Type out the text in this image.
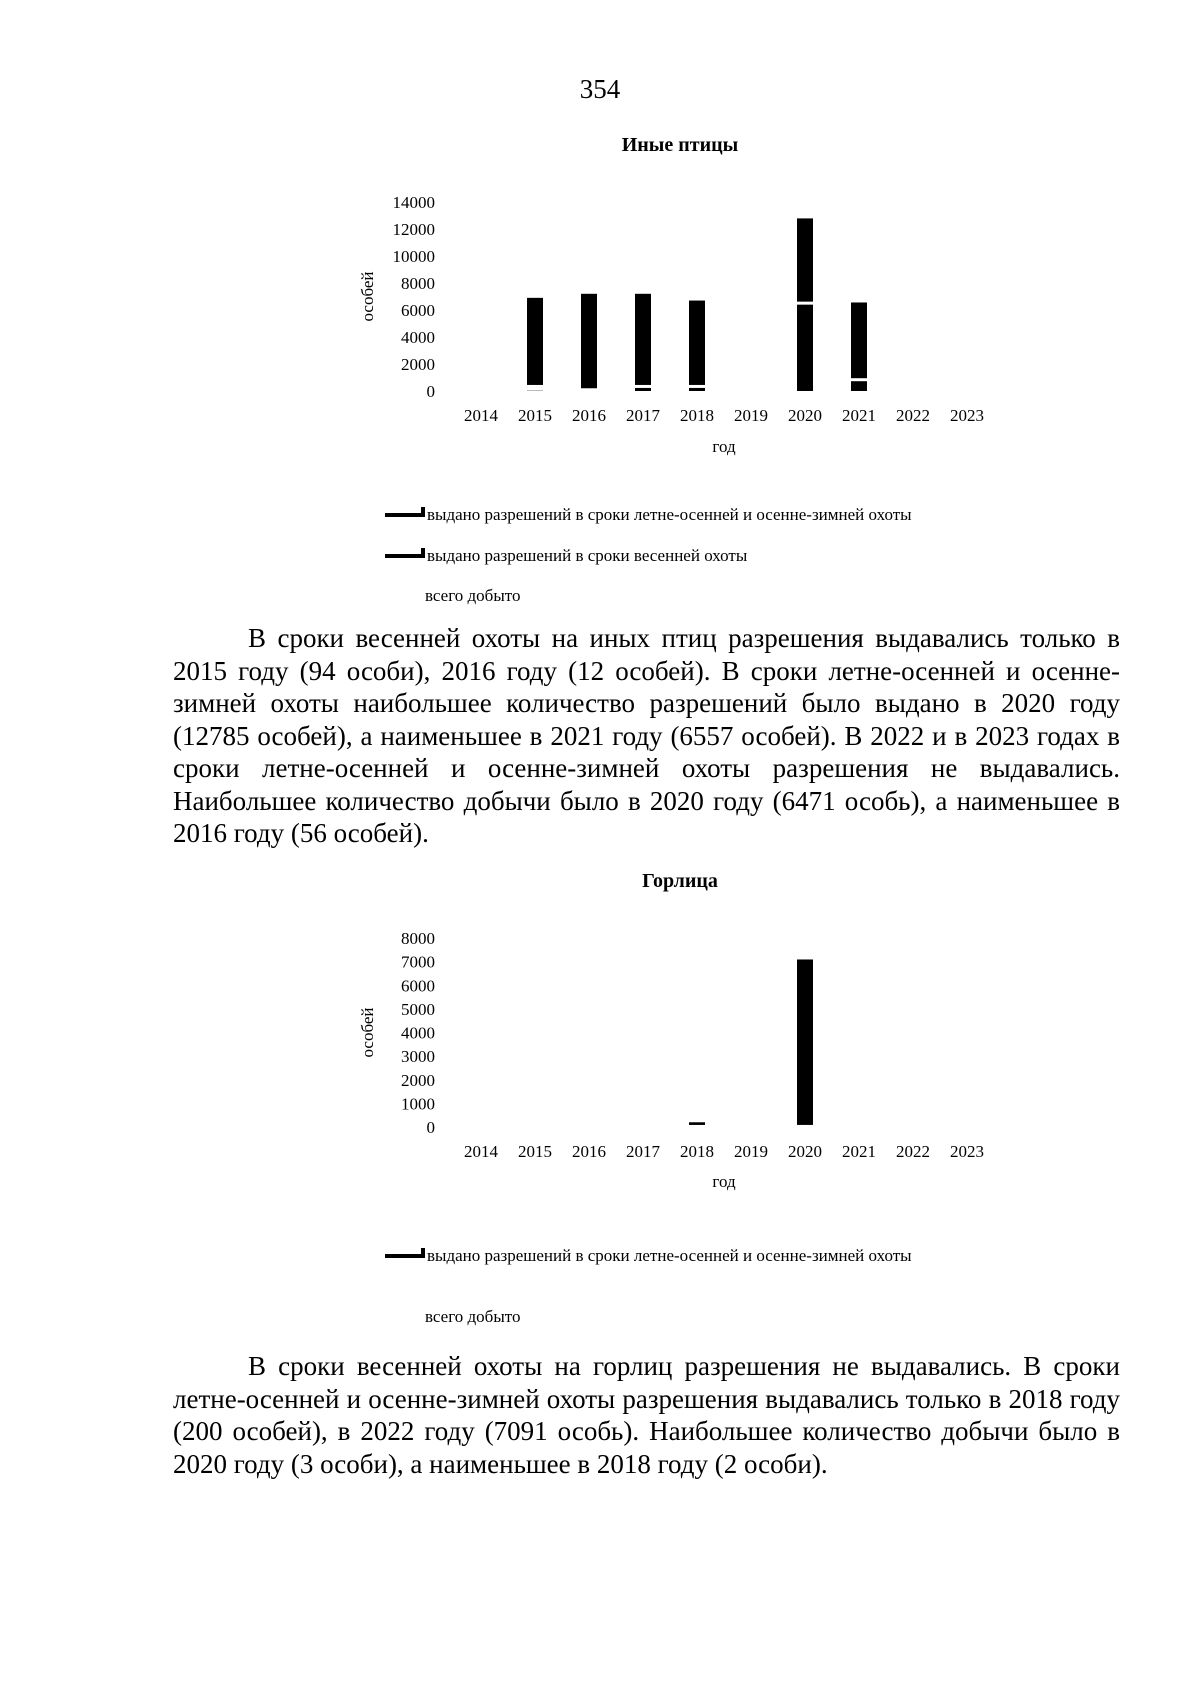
354
Иные птицы
0
2000
4000
6000
8000
10000
12000
14000
особей
2014 2015 2016 2017 2018 2019 2020 2021 2022 2023
год
выдано разрешений в сроки летне-осенней и осенне-зимней охоты
выдано разрешений в сроки весенней охоты
всего добыто

В сроки весенней охоты на иных птиц разрешения выдавались только в 2015 году (94 особи), 2016 году (12 особей). В сроки летне-осенней и осенне-зимней охоты наибольшее количество разрешений было выдано в 2020 году (12785 особей), а наименьшее в 2021 году (6557 особей). В 2022 и в 2023 годах в сроки летне-осенней и осенне-зимней охоты разрешения не выдавались. Наибольшее количество добычи было в 2020 году (6471 особь), а наименьшее в 2016 году (56 особей).

Горлица
0
1000
2000
3000
4000
5000
6000
7000
8000
особей
2014 2015 2016 2017 2018 2019 2020 2021 2022 2023
год
выдано разрешений в сроки летне-осенней и осенне-зимней охоты
всего добыто

В сроки весенней охоты на горлиц разрешения не выдавались. В сроки летне-осенней и осенне-зимней охоты разрешения выдавались только в 2018 году (200 особей), в 2022 году (7091 особь). Наибольшее количество добычи было в 2020 году (3 особи), а наименьшее в 2018 году (2 особи).
